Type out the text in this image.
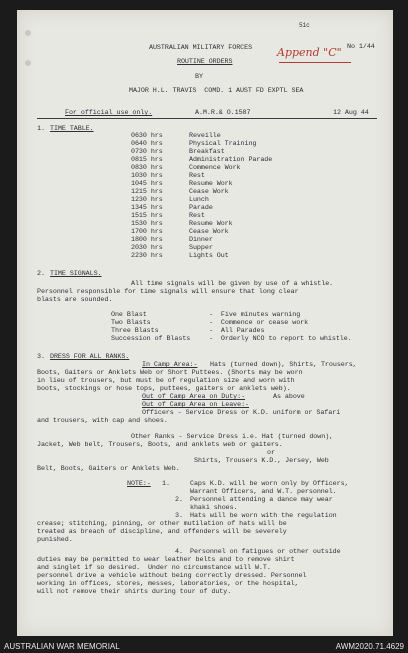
51c
No 1/44
Append "C"
AUSTRALIAN MILITARY FORCES
ROUTINE ORDERS
BY
MAJOR H.L. TRAVIS  COMD. 1 AUST FD EXPTL SEA
For official use only.	A.M.R.& O.1587	12 Aug 44
1. TIME TABLE.
0630 hrs	Reveille
0640 hrs	Physical Training
0730 hrs	Breakfast
0815 hrs	Administration Parade
0830 hrs	Commence Work
1030 hrs	Rest
1045 hrs	Resume Work
1215 hrs	Cease Work
1230 hrs	Lunch
1345 hrs	Parade
1515 hrs	Rest
1530 hrs	Resume Work
1700 hrs	Cease Work
1800 hrs	Dinner
2030 hrs	Supper
2230 hrs	Lights Out
2. TIME SIGNALS.
All time signals will be given by use of a whistle.
Personnel responsible for time signals will ensure that long clear
blasts are sounded.
One Blast	-  Five minutes warning
Two Blasts	-  Commence or cease work
Three Blasts	-  All Parades
Succession of Blasts	-  Orderly NCO to report to whistle.
3. DRESS FOR ALL RANKS.
In Camp Area:- Hats (turned down), Shirts, Trousers,
Boots, Gaiters or Anklets Web or Short Puttees. (Shorts may be worn
in lieu of trousers, but must be of regulation size and worn with
boots, stockings or hose tops, puttees, gaiters or anklets web).
Out of Camp Area on Duty:-	As above
Out of Camp Area on Leave:-
Officers - Service Dress or K.D. uniform or Safari
and trousers, with cap and shoes.
Other Ranks - Service Dress i.e. Hat (turned down),
Jacket, Web belt, Trousers, Boots, and anklets web or gaiters.
or
Shirts, Trousers K.D., Jersey, Web
Belt, Boots, Gaiters or Anklets Web.
NOTE:- 1.	Caps K.D. will be worn only by Officers,
Warrant Officers, and W.T. personnel.
2. Personnel attending a dance may wear
khaki shoes.
3. Hats will be worn with the regulation
crease; stitching, pinning, or other mutilation of hats will be
treated as breach of discipline, and offenders will be severely
punished.
4. Personnel on fatigues or other outside
duties may be permitted to wear leather belts and to remove shirt
and singlet if so desired.  Under no circumstance will W.T.
personnel drive a vehicle without being correctly dressed. Personnel
working in offices, stores, messes, laboratories, or the hospital,
will not remove their shirts during tour of duty.
AUSTRALIAN WAR MEMORIAL	AWM2020.71.4629
